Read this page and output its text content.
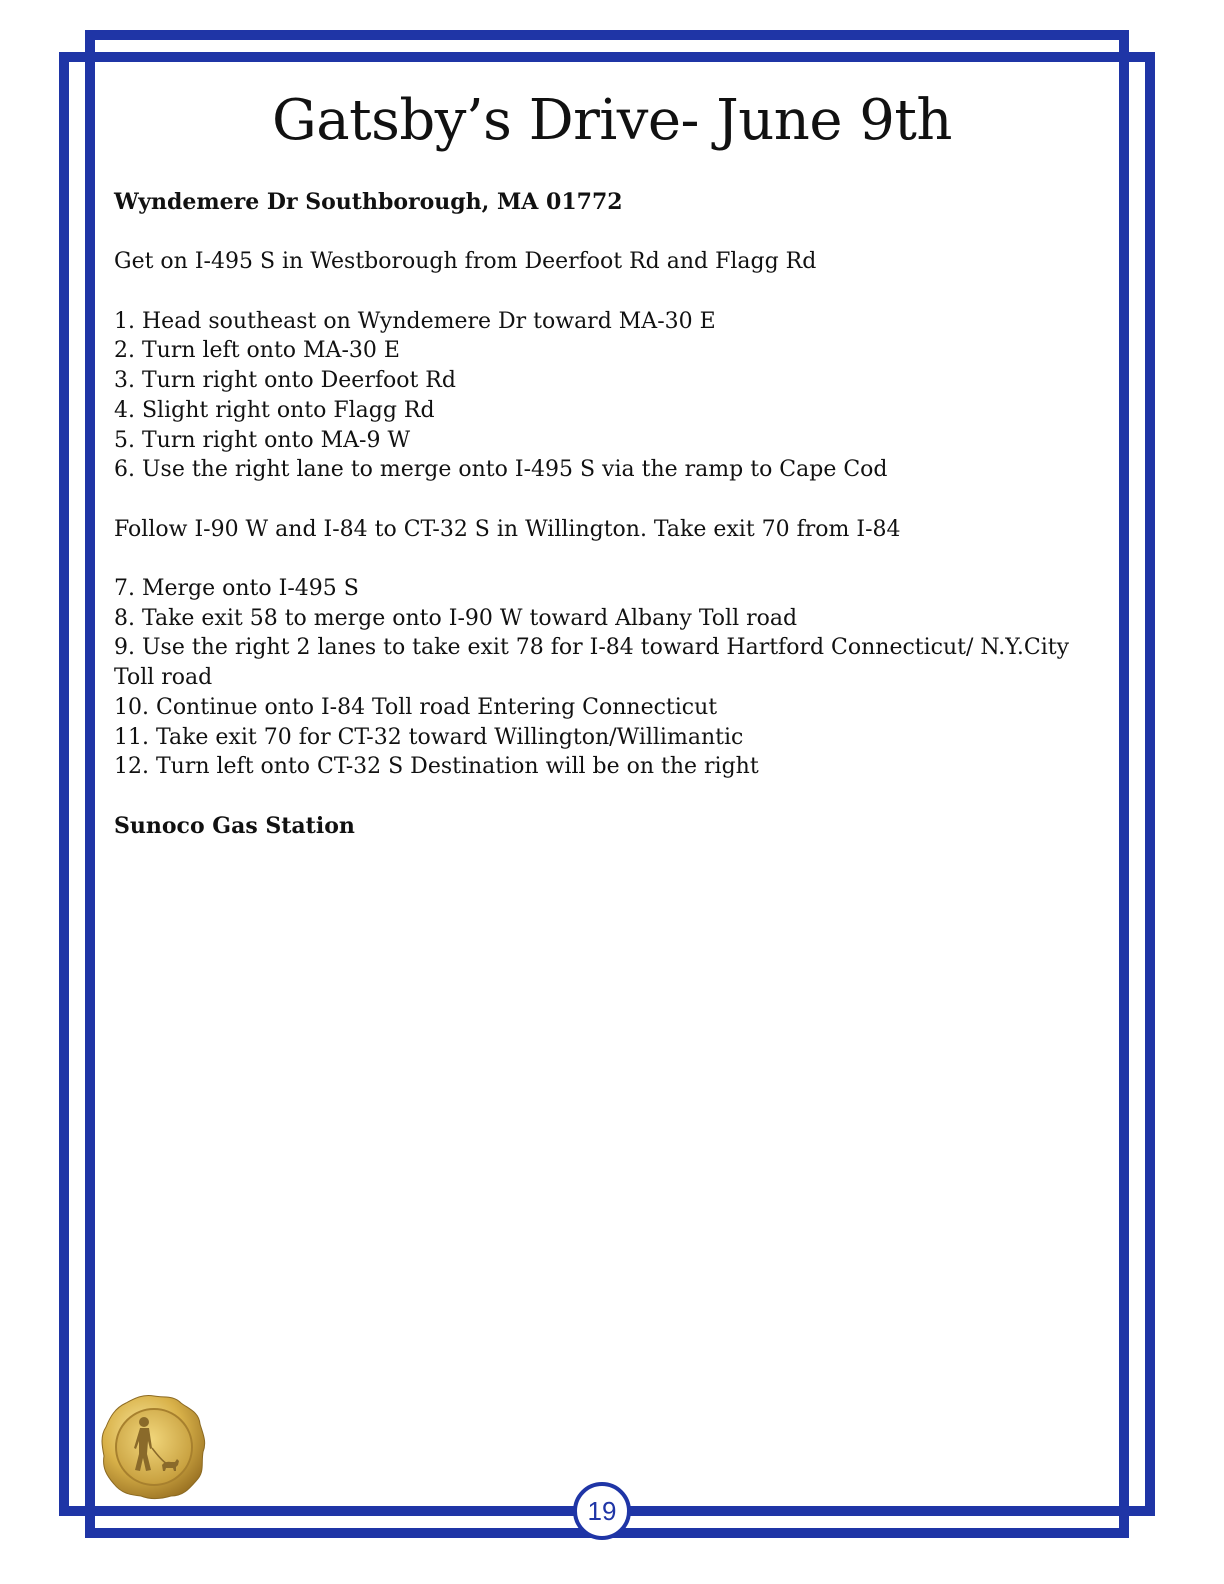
Gatsby’s Drive- June 9th

Wyndemere Dr Southborough, MA 01772

Get on I-495 S in Westborough from Deerfoot Rd and Flagg Rd

1. Head southeast on Wyndemere Dr toward MA-30 E
2. Turn left onto MA-30 E
3. Turn right onto Deerfoot Rd
4. Slight right onto Flagg Rd
5. Turn right onto MA-9 W
6. Use the right lane to merge onto I-495 S via the ramp to Cape Cod

Follow I-90 W and I-84 to CT-32 S in Willington. Take exit 70 from I-84

7. Merge onto I-495 S
8. Take exit 58 to merge onto I-90 W toward Albany Toll road
9. Use the right 2 lanes to take exit 78 for I-84 toward Hartford Connecticut/ N.Y.City Toll road
10. Continue onto I-84 Toll road Entering Connecticut
11. Take exit 70 for CT-32 toward Willington/Willimantic
12. Turn left onto CT-32 S Destination will be on the right

Sunoco Gas Station

19
